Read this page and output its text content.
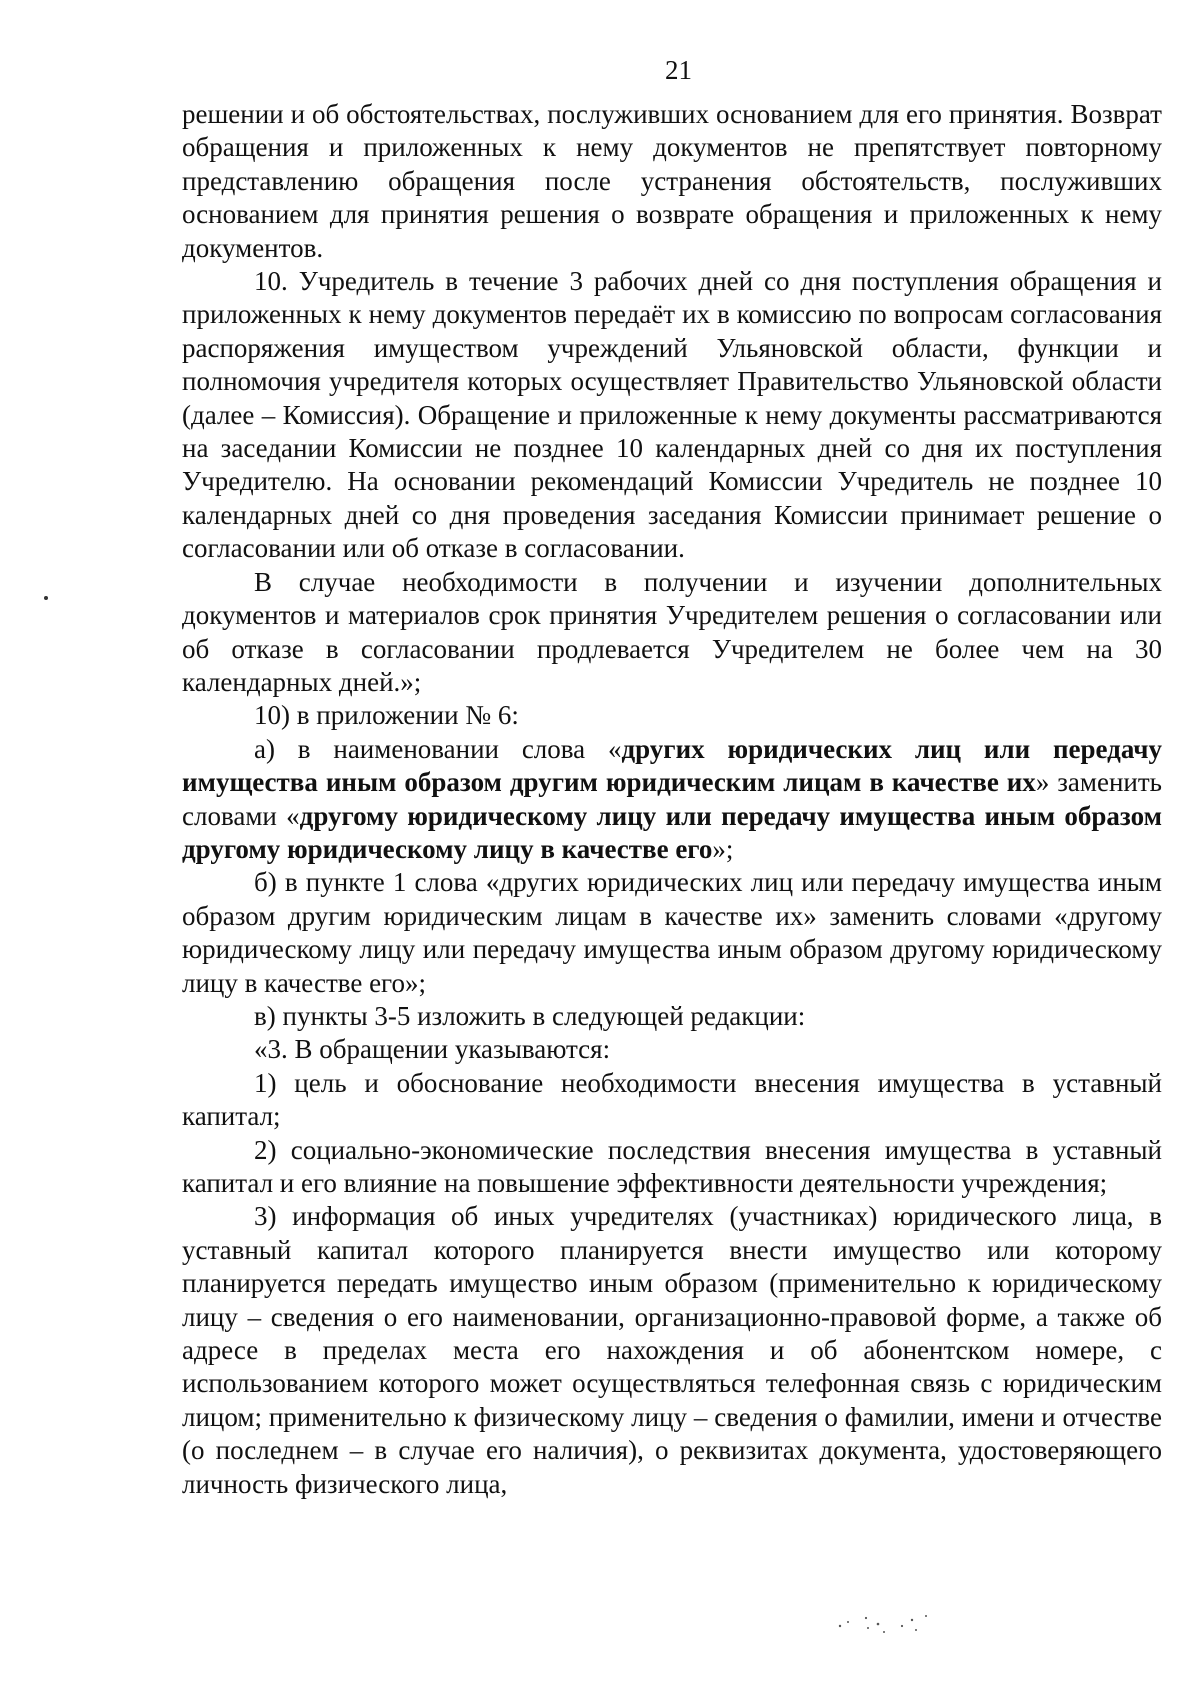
21

решении и об обстоятельствах, послуживших основанием для его принятия. Возврат обращения и приложенных к нему документов не препятствует повторному представлению обращения после устранения обстоятельств, послуживших основанием для принятия решения о возврате обращения и приложенных к нему документов.

10. Учредитель в течение 3 рабочих дней со дня поступления обращения и приложенных к нему документов передаёт их в комиссию по вопросам согласования распоряжения имуществом учреждений Ульяновской области, функции и полномочия учредителя которых осуществляет Правительство Ульяновской области (далее – Комиссия). Обращение и приложенные к нему документы рассматриваются на заседании Комиссии не позднее 10 календарных дней со дня их поступления Учредителю. На основании рекомендаций Комиссии Учредитель не позднее 10 календарных дней со дня проведения заседания Комиссии принимает решение о согласовании или об отказе в согласовании.

В случае необходимости в получении и изучении дополнительных документов и материалов срок принятия Учредителем решения о согласовании или об отказе в согласовании продлевается Учредителем не более чем на 30 календарных дней.»;

10) в приложении № 6:

а) в наименовании слова «других юридических лиц или передачу имущества иным образом другим юридическим лицам в качестве их» заменить словами «другому юридическому лицу или передачу имущества иным образом другому юридическому лицу в качестве его»;

б) в пункте 1 слова «других юридических лиц или передачу имущества иным образом другим юридическим лицам в качестве их» заменить словами «другому юридическому лицу или передачу имущества иным образом другому юридическому лицу в качестве его»;

в) пункты 3-5 изложить в следующей редакции:

«3. В обращении указываются:

1) цель и обоснование необходимости внесения имущества в уставный капитал;

2) социально-экономические последствия внесения имущества в уставный капитал и его влияние на повышение эффективности деятельности учреждения;

3) информация об иных учредителях (участниках) юридического лица, в уставный капитал которого планируется внести имущество или которому планируется передать имущество иным образом (применительно к юридическому лицу – сведения о его наименовании, организационно-правовой форме, а также об адресе в пределах места его нахождения и об абонентском номере, с использованием которого может осуществляться телефонная связь с юридическим лицом; применительно к физическому лицу – сведения о фамилии, имени и отчестве (о последнем – в случае его наличия), о реквизитах документа, удостоверяющего личность физического лица,
